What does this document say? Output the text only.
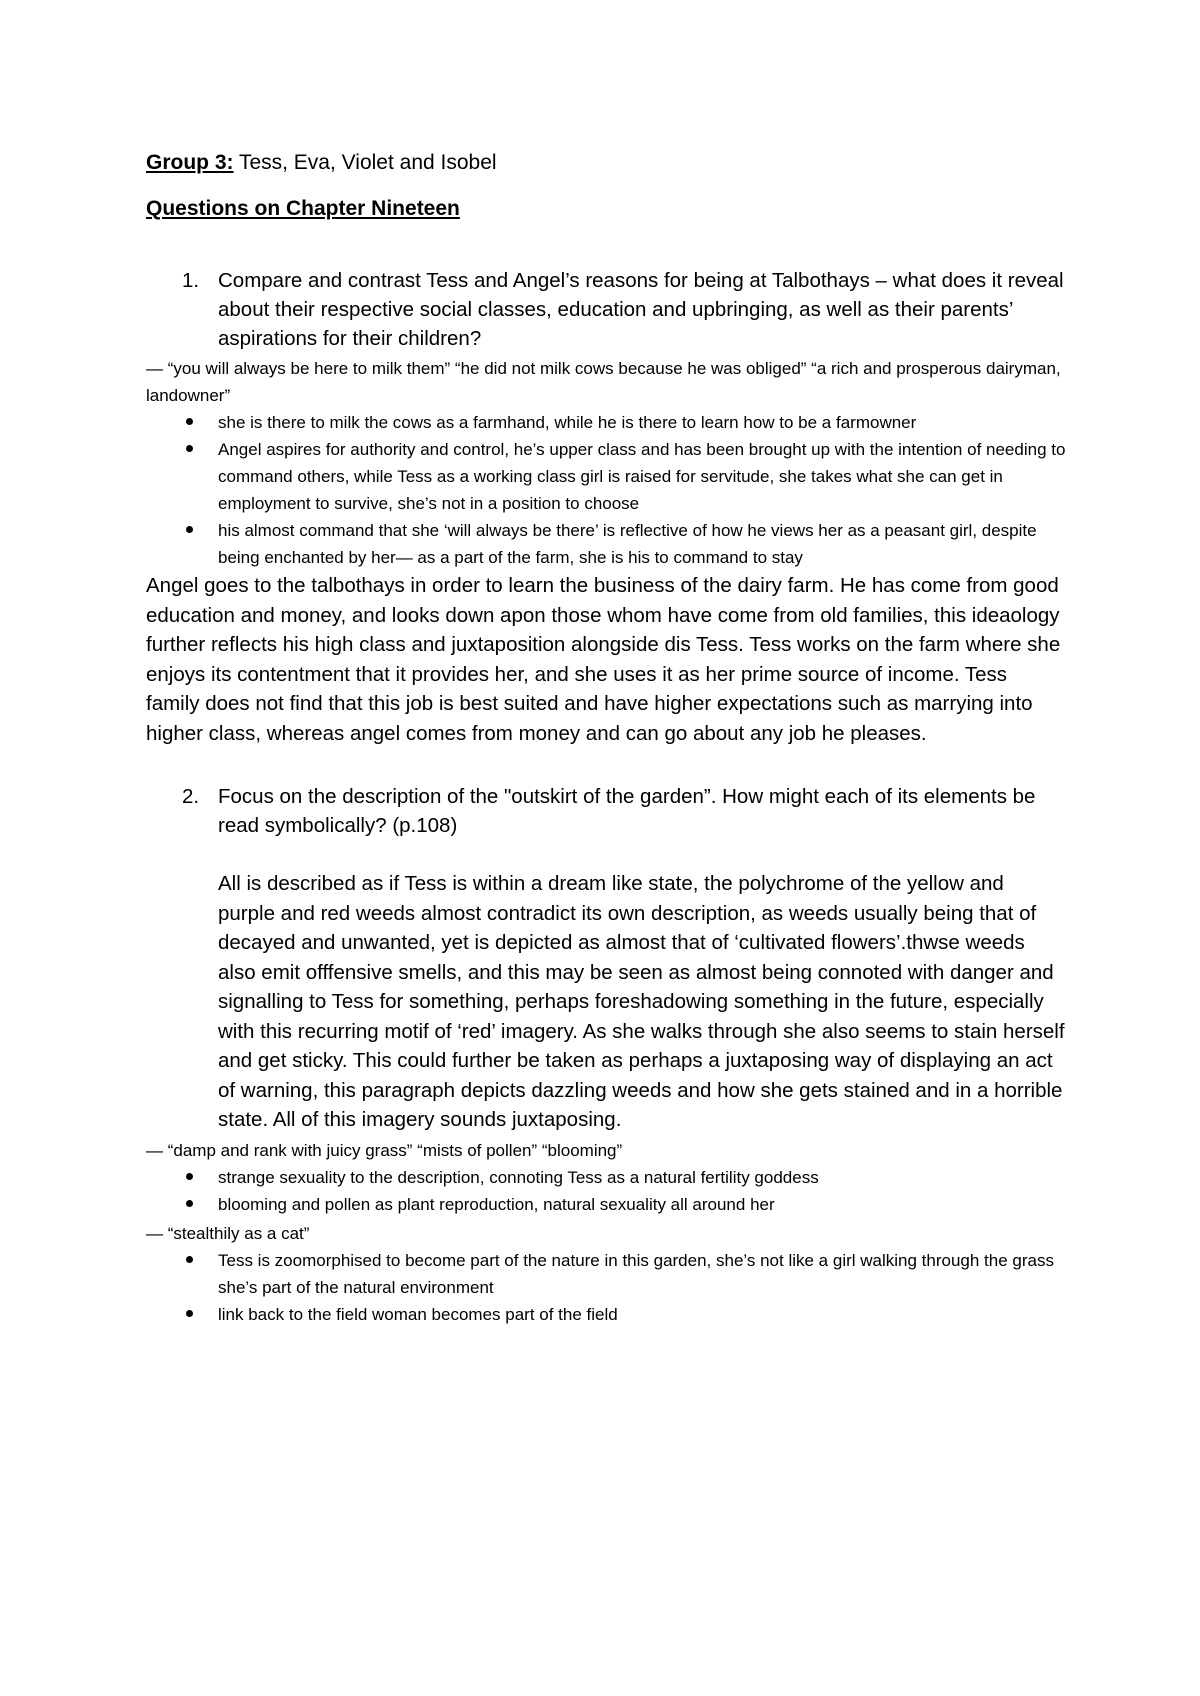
Group 3: Tess, Eva, Violet and Isobel

Questions on Chapter Nineteen

1. Compare and contrast Tess and Angel’s reasons for being at Talbothays – what does it reveal about their respective social classes, education and upbringing, as well as their parents’ aspirations for their children?

— “you will always be here to milk them” “he did not milk cows because he was obliged” “a rich and prosperous dairyman, landowner”

she is there to milk the cows as a farmhand, while he is there to learn how to be a farmowner
Angel aspires for authority and control, he’s upper class and has been brought up with the intention of needing to command others, while Tess as a working class girl is raised for servitude, she takes what she can get in employment to survive, she’s not in a position to choose
his almost command that she ‘will always be there’ is reflective of how he views her as a peasant girl, despite being enchanted by her— as a part of the farm, she is his to command to stay

Angel goes to the talbothays in order to learn the business of the dairy farm. He has come from good education and money, and looks down apon those whom have come from old families, this ideaology further reflects his high class and juxtaposition alongside dis Tess. Tess works on the farm where she enjoys its contentment that it provides her, and she uses it as her prime source of income. Tess family does not find that this job is best suited and have higher expectations such as marrying into higher class, whereas angel comes from money and can go about any job he pleases.

2. Focus on the description of the "outskirt of the garden”. How might each of its elements be read symbolically? (p.108)
All is described as if Tess is within a dream like state, the polychrome of the yellow and purple and red weeds almost contradict its own description, as weeds usually being that of decayed and unwanted, yet is depicted as almost that of ‘cultivated flowers’.thwse weeds also emit offfensive smells, and this may be seen as almost being connoted with danger and signalling to Tess for something, perhaps foreshadowing something in the future, especially with this recurring motif of ‘red’ imagery. As she walks through she also seems to stain herself and get sticky. This could further be taken as perhaps a juxtaposing way of displaying an act of warning, this paragraph depicts dazzling weeds and how she gets stained and in a horrible state. All of this imagery sounds juxtaposing.

— “damp and rank with juicy grass” “mists of pollen” “blooming”

strange sexuality to the description, connoting Tess as a natural fertility goddess
blooming and pollen as plant reproduction, natural sexuality all around her

— “stealthily as a cat”

Tess is zoomorphised to become part of the nature in this garden, she’s not like a girl walking through the grass she’s part of the natural environment
link back to the field woman becomes part of the field
